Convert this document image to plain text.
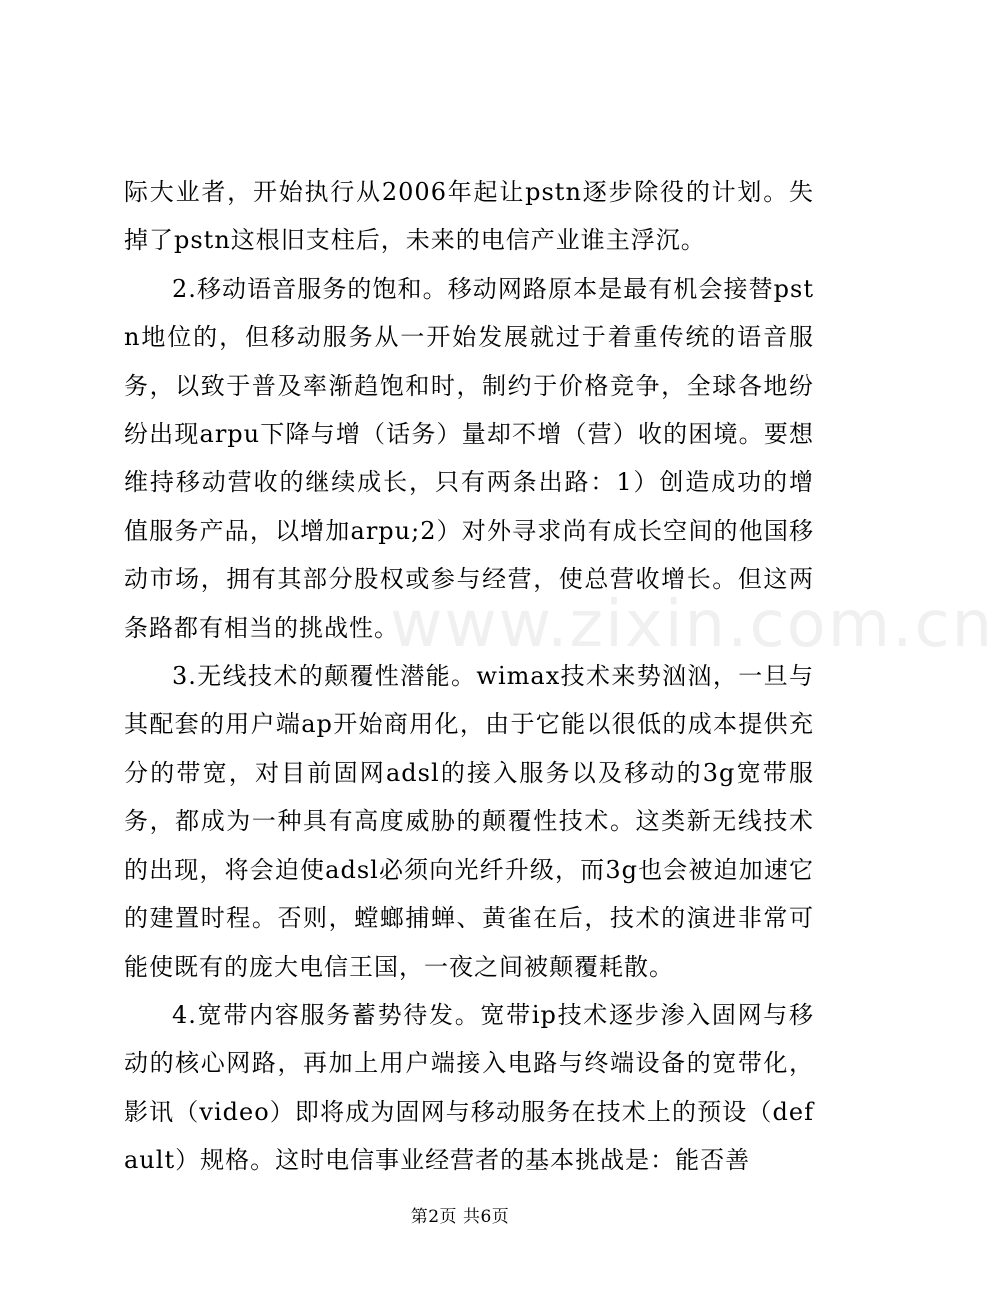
www.zixin.com.cn

际大业者，开始执行从2006年起让pstn逐步除役的计划。失掉了pstn这根旧支柱后，未来的电信产业谁主浮沉。

2.移动语音服务的饱和。移动网路原本是最有机会接替pstn地位的，但移动服务从一开始发展就过于着重传统的语音服务，以致于普及率渐趋饱和时，制约于价格竞争，全球各地纷纷出现arpu下降与增（话务）量却不增（营）收的困境。要想维持移动营收的继续成长，只有两条出路：1）创造成功的增值服务产品，以增加arpu;2）对外寻求尚有成长空间的他国移动市场，拥有其部分股权或参与经营，使总营收增长。但这两条路都有相当的挑战性。

3.无线技术的颠覆性潜能。wimax技术来势汹汹，一旦与其配套的用户端ap开始商用化，由于它能以很低的成本提供充分的带宽，对目前固网adsl的接入服务以及移动的3g宽带服务，都成为一种具有高度威胁的颠覆性技术。这类新无线技术的出现，将会迫使adsl必须向光纤升级，而3g也会被迫加速它的建置时程。否则，螳螂捕蝉、黄雀在后，技术的演进非常可能使既有的庞大电信王国，一夜之间被颠覆耗散。

4.宽带内容服务蓄势待发。宽带ip技术逐步渗入固网与移动的核心网路，再加上用户端接入电路与终端设备的宽带化，影讯（video）即将成为固网与移动服务在技术上的预设（default）规格。这时电信事业经营者的基本挑战是：能否善

第2页 共6页
